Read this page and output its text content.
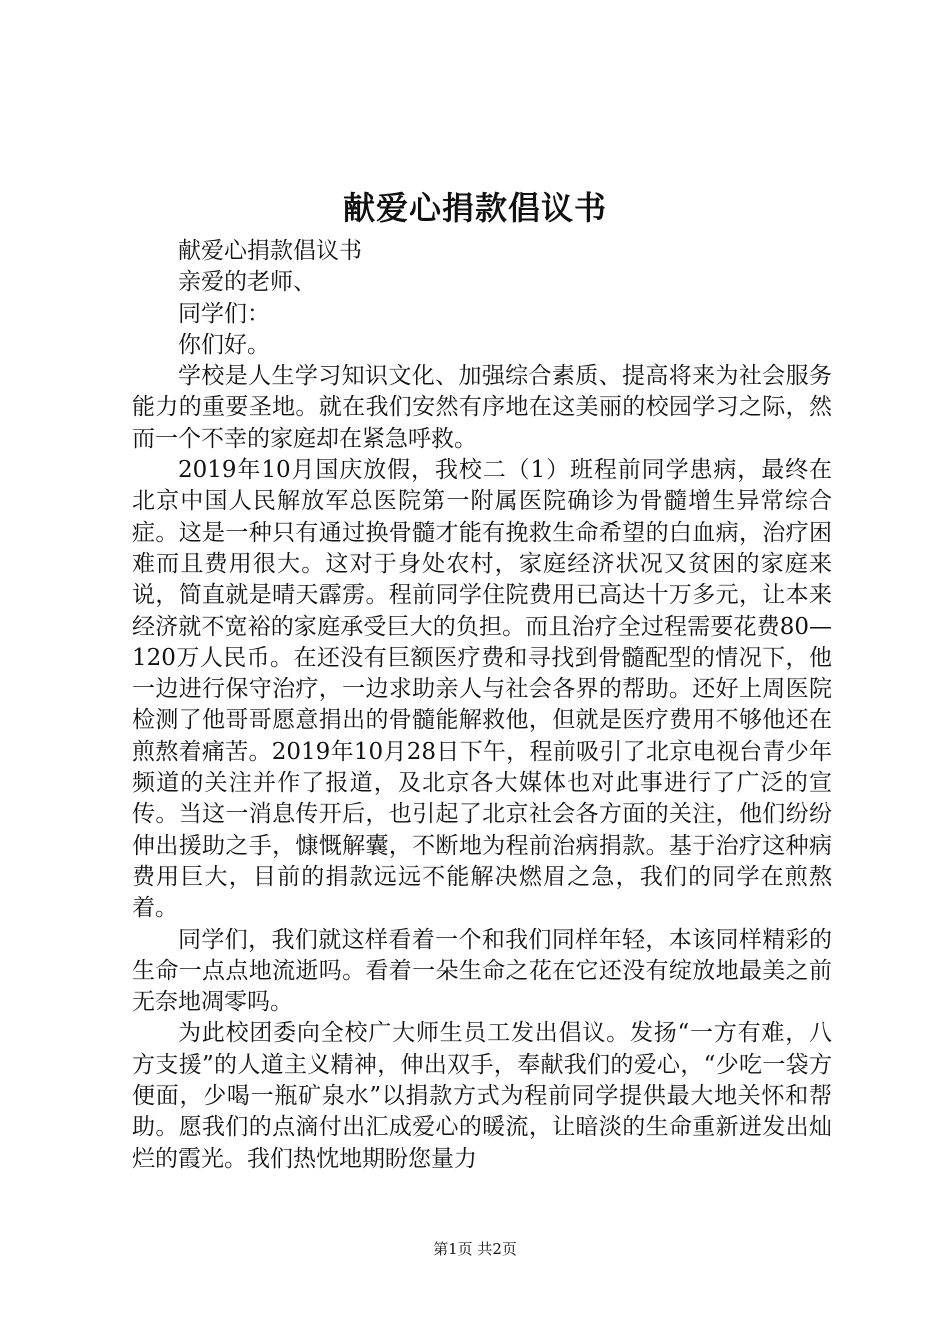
献爱心捐款倡议书

献爱心捐款倡议书

亲爱的老师、

同学们：

你们好。

学校是人生学习知识文化、加强综合素质、提高将来为社会服务能力的重要圣地。就在我们安然有序地在这美丽的校园学习之际，然而一个不幸的家庭却在紧急呼救。

2019年10月国庆放假，我校二（1）班程前同学患病，最终在北京中国人民解放军总医院第一附属医院确诊为骨髓增生异常综合症。这是一种只有通过换骨髓才能有挽救生命希望的白血病，治疗困难而且费用很大。这对于身处农村，家庭经济状况又贫困的家庭来说，简直就是晴天霹雳。程前同学住院费用已高达十万多元，让本来经济就不宽裕的家庭承受巨大的负担。而且治疗全过程需要花费80—120万人民币。在还没有巨额医疗费和寻找到骨髓配型的情况下，他一边进行保守治疗，一边求助亲人与社会各界的帮助。还好上周医院检测了他哥哥愿意捐出的骨髓能解救他，但就是医疗费用不够他还在煎熬着痛苦。2019年10月28日下午，程前吸引了北京电视台青少年频道的关注并作了报道，及北京各大媒体也对此事进行了广泛的宣传。当这一消息传开后，也引起了北京社会各方面的关注，他们纷纷伸出援助之手，慷慨解囊，不断地为程前治病捐款。基于治疗这种病费用巨大，目前的捐款远远不能解决燃眉之急，我们的同学在煎熬着。

同学们，我们就这样看着一个和我们同样年轻，本该同样精彩的生命一点点地流逝吗。看着一朵生命之花在它还没有绽放地最美之前无奈地凋零吗。

为此校团委向全校广大师生员工发出倡议。发扬“一方有难，八方支援”的人道主义精神，伸出双手，奉献我们的爱心，“少吃一袋方便面，少喝一瓶矿泉水”以捐款方式为程前同学提供最大地关怀和帮助。愿我们的点滴付出汇成爱心的暖流，让暗淡的生命重新迸发出灿烂的霞光。我们热忱地期盼您量力

第1页 共2页
